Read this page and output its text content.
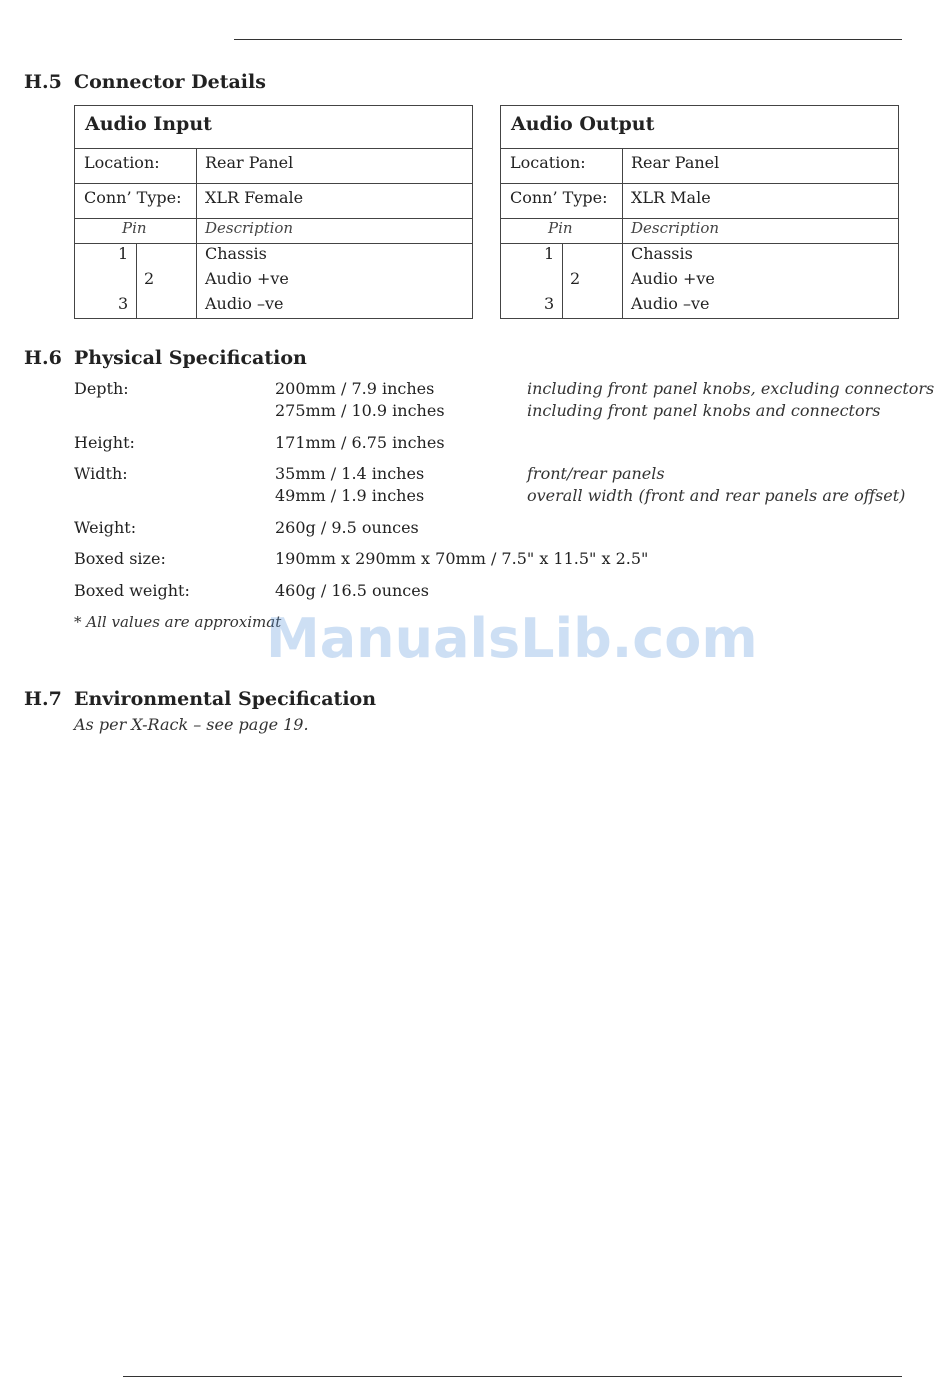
H.5 Connector Details
Audio Input
Location:	Rear Panel
Conn’ Type: XLR Female
Pin	Description
1	Chassis
2	Audio +ve
3	Audio –ve
Audio Output
Location:	Rear Panel
Conn’ Type: XLR Male
Pin	Description
1	Chassis
2	Audio +ve
3	Audio –ve
H.6 Physical Specification
Depth:	200mm / 7.9 inches	including front panel knobs, excluding connectors
275mm / 10.9 inches	including front panel knobs and connectors
Height:	171mm / 6.75 inches
Width:	35mm / 1.4 inches	front/rear panels
49mm / 1.9 inches	overall width (front and rear panels are offset)
Weight:	260g / 9.5 ounces
Boxed size:	190mm x 290mm x 70mm / 7.5" x 11.5" x 2.5"
Boxed weight:	460g / 16.5 ounces
* All values are approximat
ManualsLib.com
H.7 Environmental Specification
As per X-Rack – see page 19.
